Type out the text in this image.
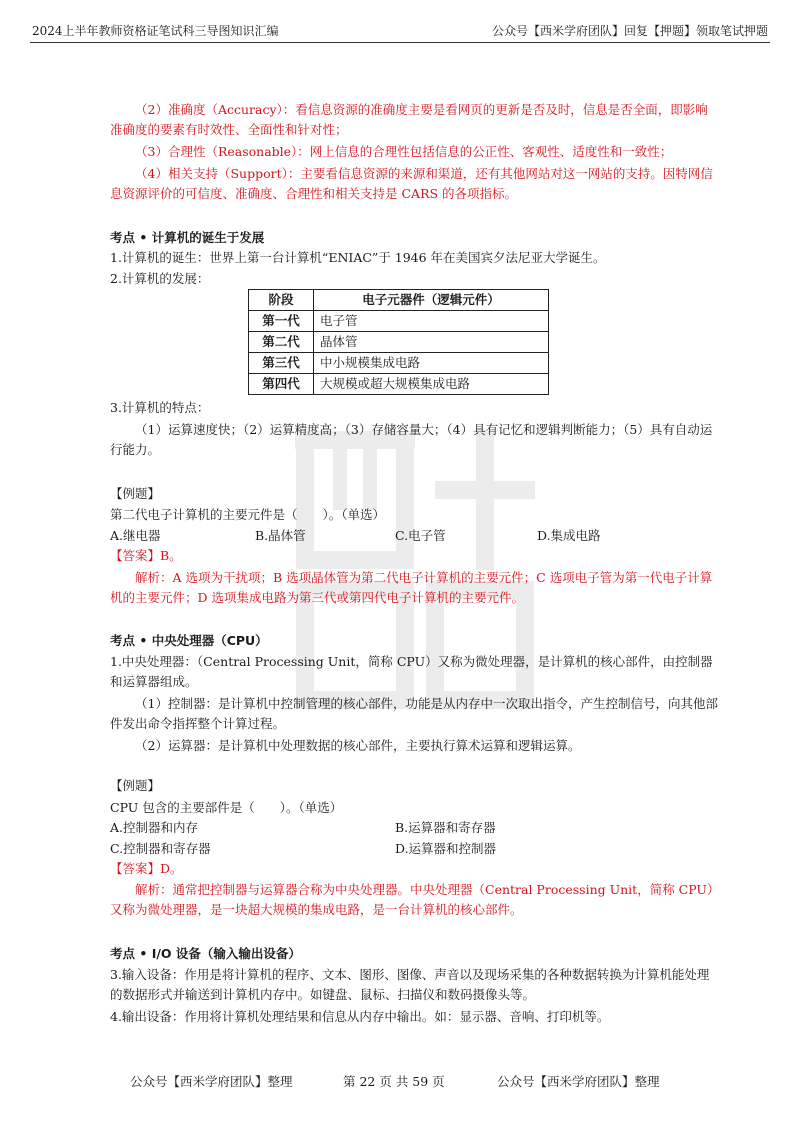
2024上半年教师资格证笔试科三导图知识汇编	公众号【西米学府团队】回复【押题】领取笔试押题

（2）准确度（Accuracy）：看信息资源的准确度主要是看网页的更新是否及时，信息是否全面，即影响准确度的要素有时效性、全面性和针对性；

（3）合理性（Reasonable）：网上信息的合理性包括信息的公正性、客观性、适度性和一致性；

（4）相关支持（Support）：主要看信息资源的来源和渠道，还有其他网站对这一网站的支持。因特网信息资源评价的可信度、准确度、合理性和相关支持是 CARS 的各项指标。

考点 • 计算机的诞生于发展

1.计算机的诞生：世界上第一台计算机“ENIAC”于 1946 年在美国宾夕法尼亚大学诞生。

2.计算机的发展：

阶段	电子元器件（逻辑元件）
第一代	电子管
第二代	晶体管
第三代	中小规模集成电路
第四代	大规模或超大规模集成电路

3.计算机的特点：

（1）运算速度快；（2）运算精度高；（3）存储容量大；（4）具有记忆和逻辑判断能力；（5）具有自动运行能力。

【例题】

第二代电子计算机的主要元件是（　　）。（单选）

A.继电器	B.晶体管	C.电子管	D.集成电路

【答案】B。

解析：A 选项为干扰项；B 选项晶体管为第二代电子计算机的主要元件；C 选项电子管为第一代电子计算机的主要元件；D 选项集成电路为第三代或第四代电子计算机的主要元件。

考点 • 中央处理器（CPU）

1.中央处理器：（Central Processing Unit，简称 CPU）又称为微处理器，是计算机的核心部件，由控制器和运算器组成。

（1）控制器：是计算机中控制管理的核心部件，功能是从内存中一次取出指令，产生控制信号，向其他部件发出命令指挥整个计算过程。

（2）运算器：是计算机中处理数据的核心部件，主要执行算术运算和逻辑运算。

【例题】

CPU 包含的主要部件是（　　）。（单选）

A.控制器和内存	B.运算器和寄存器
C.控制器和寄存器	D.运算器和控制器

【答案】D。

解析：通常把控制器与运算器合称为中央处理器。中央处理器（Central Processing Unit，简称 CPU）又称为微处理器，是一块超大规模的集成电路，是一台计算机的核心部件。

考点 • I/O 设备（输入输出设备）

3.输入设备：作用是将计算机的程序、文本、图形、图像、声音以及现场采集的各种数据转换为计算机能处理的数据形式并输送到计算机内存中。如键盘、鼠标、扫描仪和数码摄像头等。

4.输出设备：作用将计算机处理结果和信息从内存中输出。如：显示器、音响、打印机等。

公众号【西米学府团队】整理	第 22 页 共 59 页	公众号【西米学府团队】整理
